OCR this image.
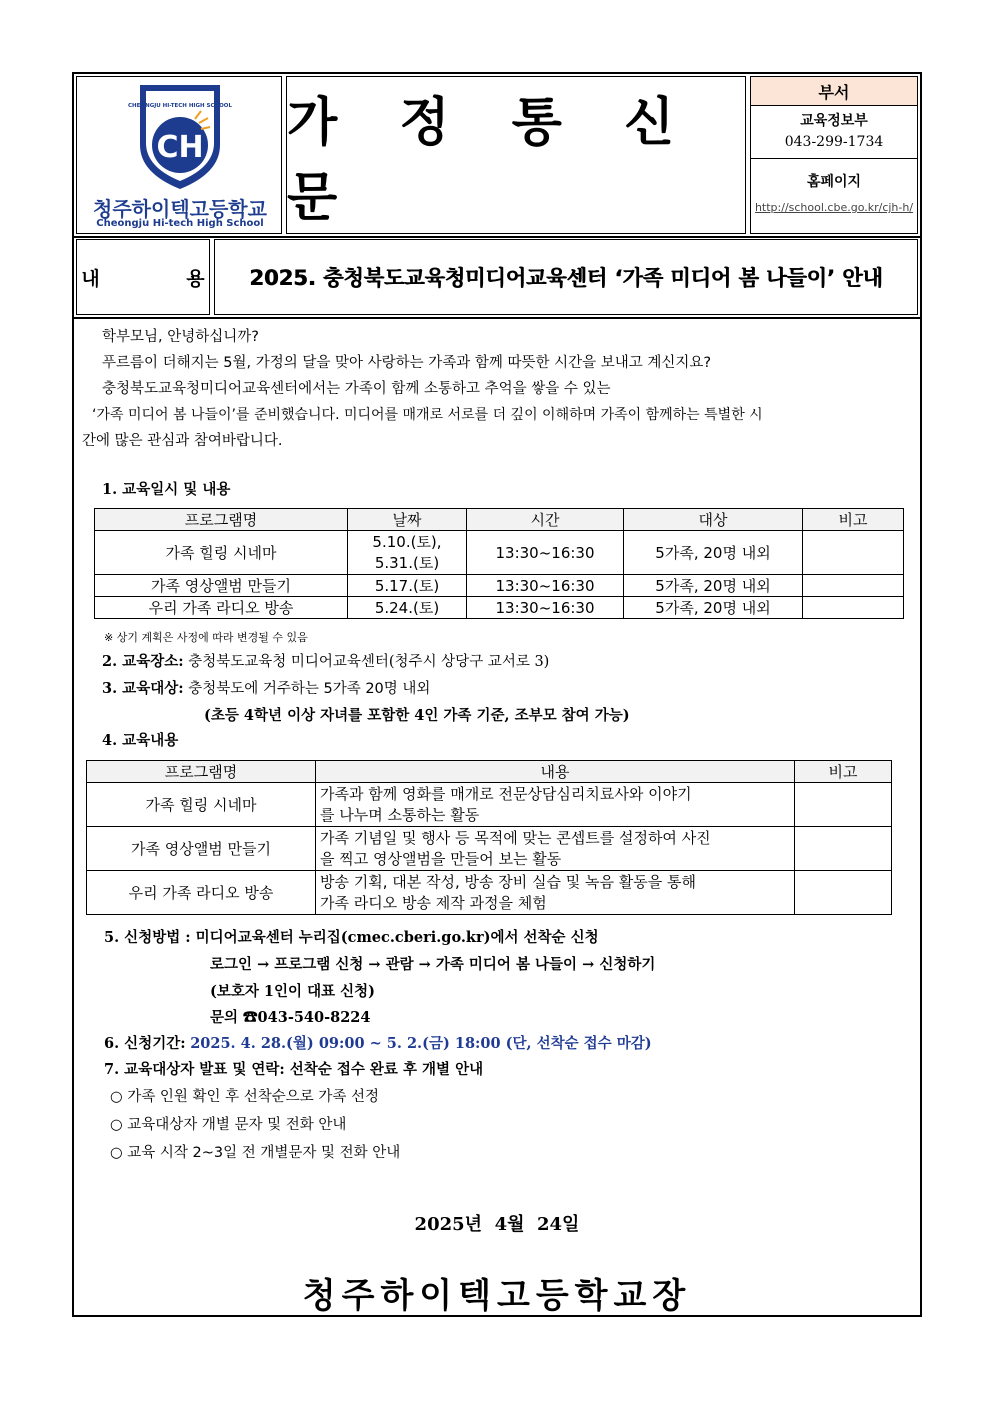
CH
CHEONGJU HI-TECH HIGH SCHOOL
청주하이텍고등학교
Cheongju Hi-tech High School
가 정 통 신 문
부서
교육정보부
043-299-1734
홈페이지
http://school.cbe.go.kr/cjh-h/
내 용 2025. 충청북도교육청미디어교육센터 ‘가족 미디어 봄 나들이’ 안내

학부모님, 안녕하십니까?

푸르름이 더해지는 5월, 가정의 달을 맞아 사랑하는 가족과 함께 따뜻한 시간을 보내고 계신지요?

충청북도교육청미디어교육센터에서는 가족이 함께 소통하고 추억을 쌓을 수 있는

‘가족 미디어 봄 나들이’를 준비했습니다. 미디어를 매개로 서로를 더 깊이 이해하며 가족이 함께하는 특별한 시

간에 많은 관심과 참여바랍니다.

1. 교육일시 및 내용
프로그램명	날짜	시간	대상	비고
가족 힐링 시네마	5.10.(토),
5.31.(토)	13:30~16:30	5가족, 20명 내외	
가족 영상앨범 만들기	5.17.(토)	13:30~16:30	5가족, 20명 내외	
우리 가족 라디오 방송	5.24.(토)	13:30~16:30	5가족, 20명 내외	
※ 상기 계획은 사정에 따라 변경될 수 있음
2. 교육장소: 충청북도교육청 미디어교육센터(청주시 상당구 교서로 3)
3. 교육대상: 충청북도에 거주하는 5가족 20명 내외
(초등 4학년 이상 자녀를 포함한 4인 가족 기준, 조부모 참여 가능)
4. 교육내용
프로그램명	내용	비고
가족 힐링 시네마	가족과 함께 영화를 매개로 전문상담심리치료사와 이야기
를 나누며 소통하는 활동	
가족 영상앨범 만들기	가족 기념일 및 행사 등 목적에 맞는 콘셉트를 설정하여 사진
을 찍고 영상앨범을 만들어 보는 활동	
우리 가족 라디오 방송	방송 기획, 대본 작성, 방송 장비 실습 및 녹음 활동을 통해
가족 라디오 방송 제작 과정을 체험	
5. 신청방법 : 미디어교육센터 누리집(cmec.cberi.go.kr)에서 선착순 신청
로그인 → 프로그램 신청 → 관람 → 가족 미디어 봄 나들이 → 신청하기
(보호자 1인이 대표 신청)
문의 ☎043-540-8224
6. 신청기간: 2025. 4. 28.(월) 09:00 ~ 5. 2.(금) 18:00 (단, 선착순 접수 마감)
7. 교육대상자 발표 및 연락: 선착순 접수 완료 후 개별 안내
○ 가족 인원 확인 후 선착순으로 가족 선정
○ 교육대상자 개별 문자 및 전화 안내
○ 교육 시작 2~3일 전 개별문자 및 전화 안내
2025년  4월  24일
청주하이텍고등학교장
